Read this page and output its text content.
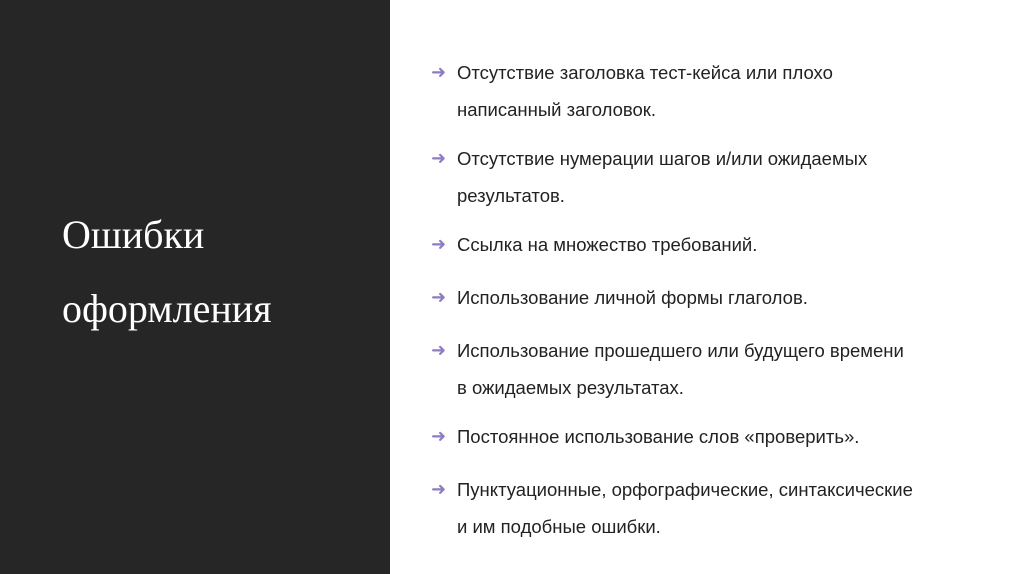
Ошибки
оформления
➜ Отсутствие заголовка тест-кейса или плохо
написанный заголовок.
➜ Отсутствие нумерации шагов и/или ожидаемых
результатов.
➜ Ссылка на множество требований.
➜ Использование личной формы глаголов.
➜ Использование прошедшего или будущего времени
в ожидаемых результатах.
➜ Постоянное использование слов «проверить».
➜ Пунктуационные, орфографические, синтаксические
и им подобные ошибки.
